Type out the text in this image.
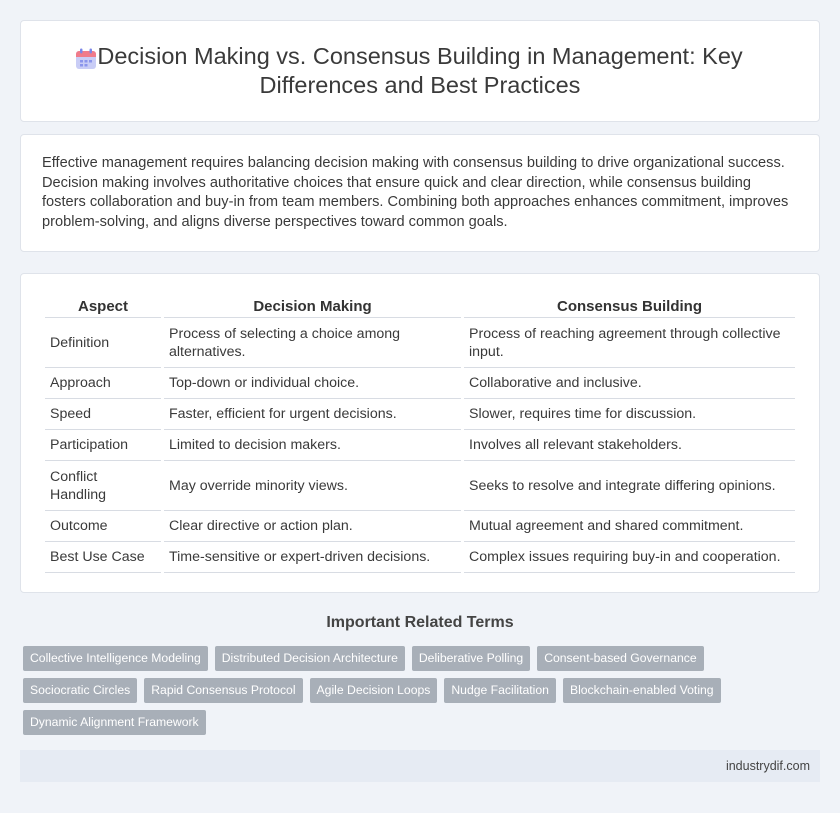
Decision Making vs. Consensus Building in Management: Key Differences and Best Practices

Effective management requires balancing decision making with consensus building to drive organizational success. Decision making involves authoritative choices that ensure quick and clear direction, while consensus building fosters collaboration and buy-in from team members. Combining both approaches enhances commitment, improves problem-solving, and aligns diverse perspectives toward common goals.

Aspect	Decision Making	Consensus Building
Definition	Process of selecting a choice among alternatives.	Process of reaching agreement through collective input.
Approach	Top-down or individual choice.	Collaborative and inclusive.
Speed	Faster, efficient for urgent decisions.	Slower, requires time for discussion.
Participation	Limited to decision makers.	Involves all relevant stakeholders.
Conflict Handling	May override minority views.	Seeks to resolve and integrate differing opinions.
Outcome	Clear directive or action plan.	Mutual agreement and shared commitment.
Best Use Case	Time-sensitive or expert-driven decisions.	Complex issues requiring buy-in and cooperation.
Important Related Terms
Collective Intelligence Modeling	Distributed Decision Architecture	Deliberative Polling	Consent-based Governance
Sociocratic Circles	Rapid Consensus Protocol	Agile Decision Loops	Nudge Facilitation	Blockchain-enabled Voting
Dynamic Alignment Framework
industrydif.com
